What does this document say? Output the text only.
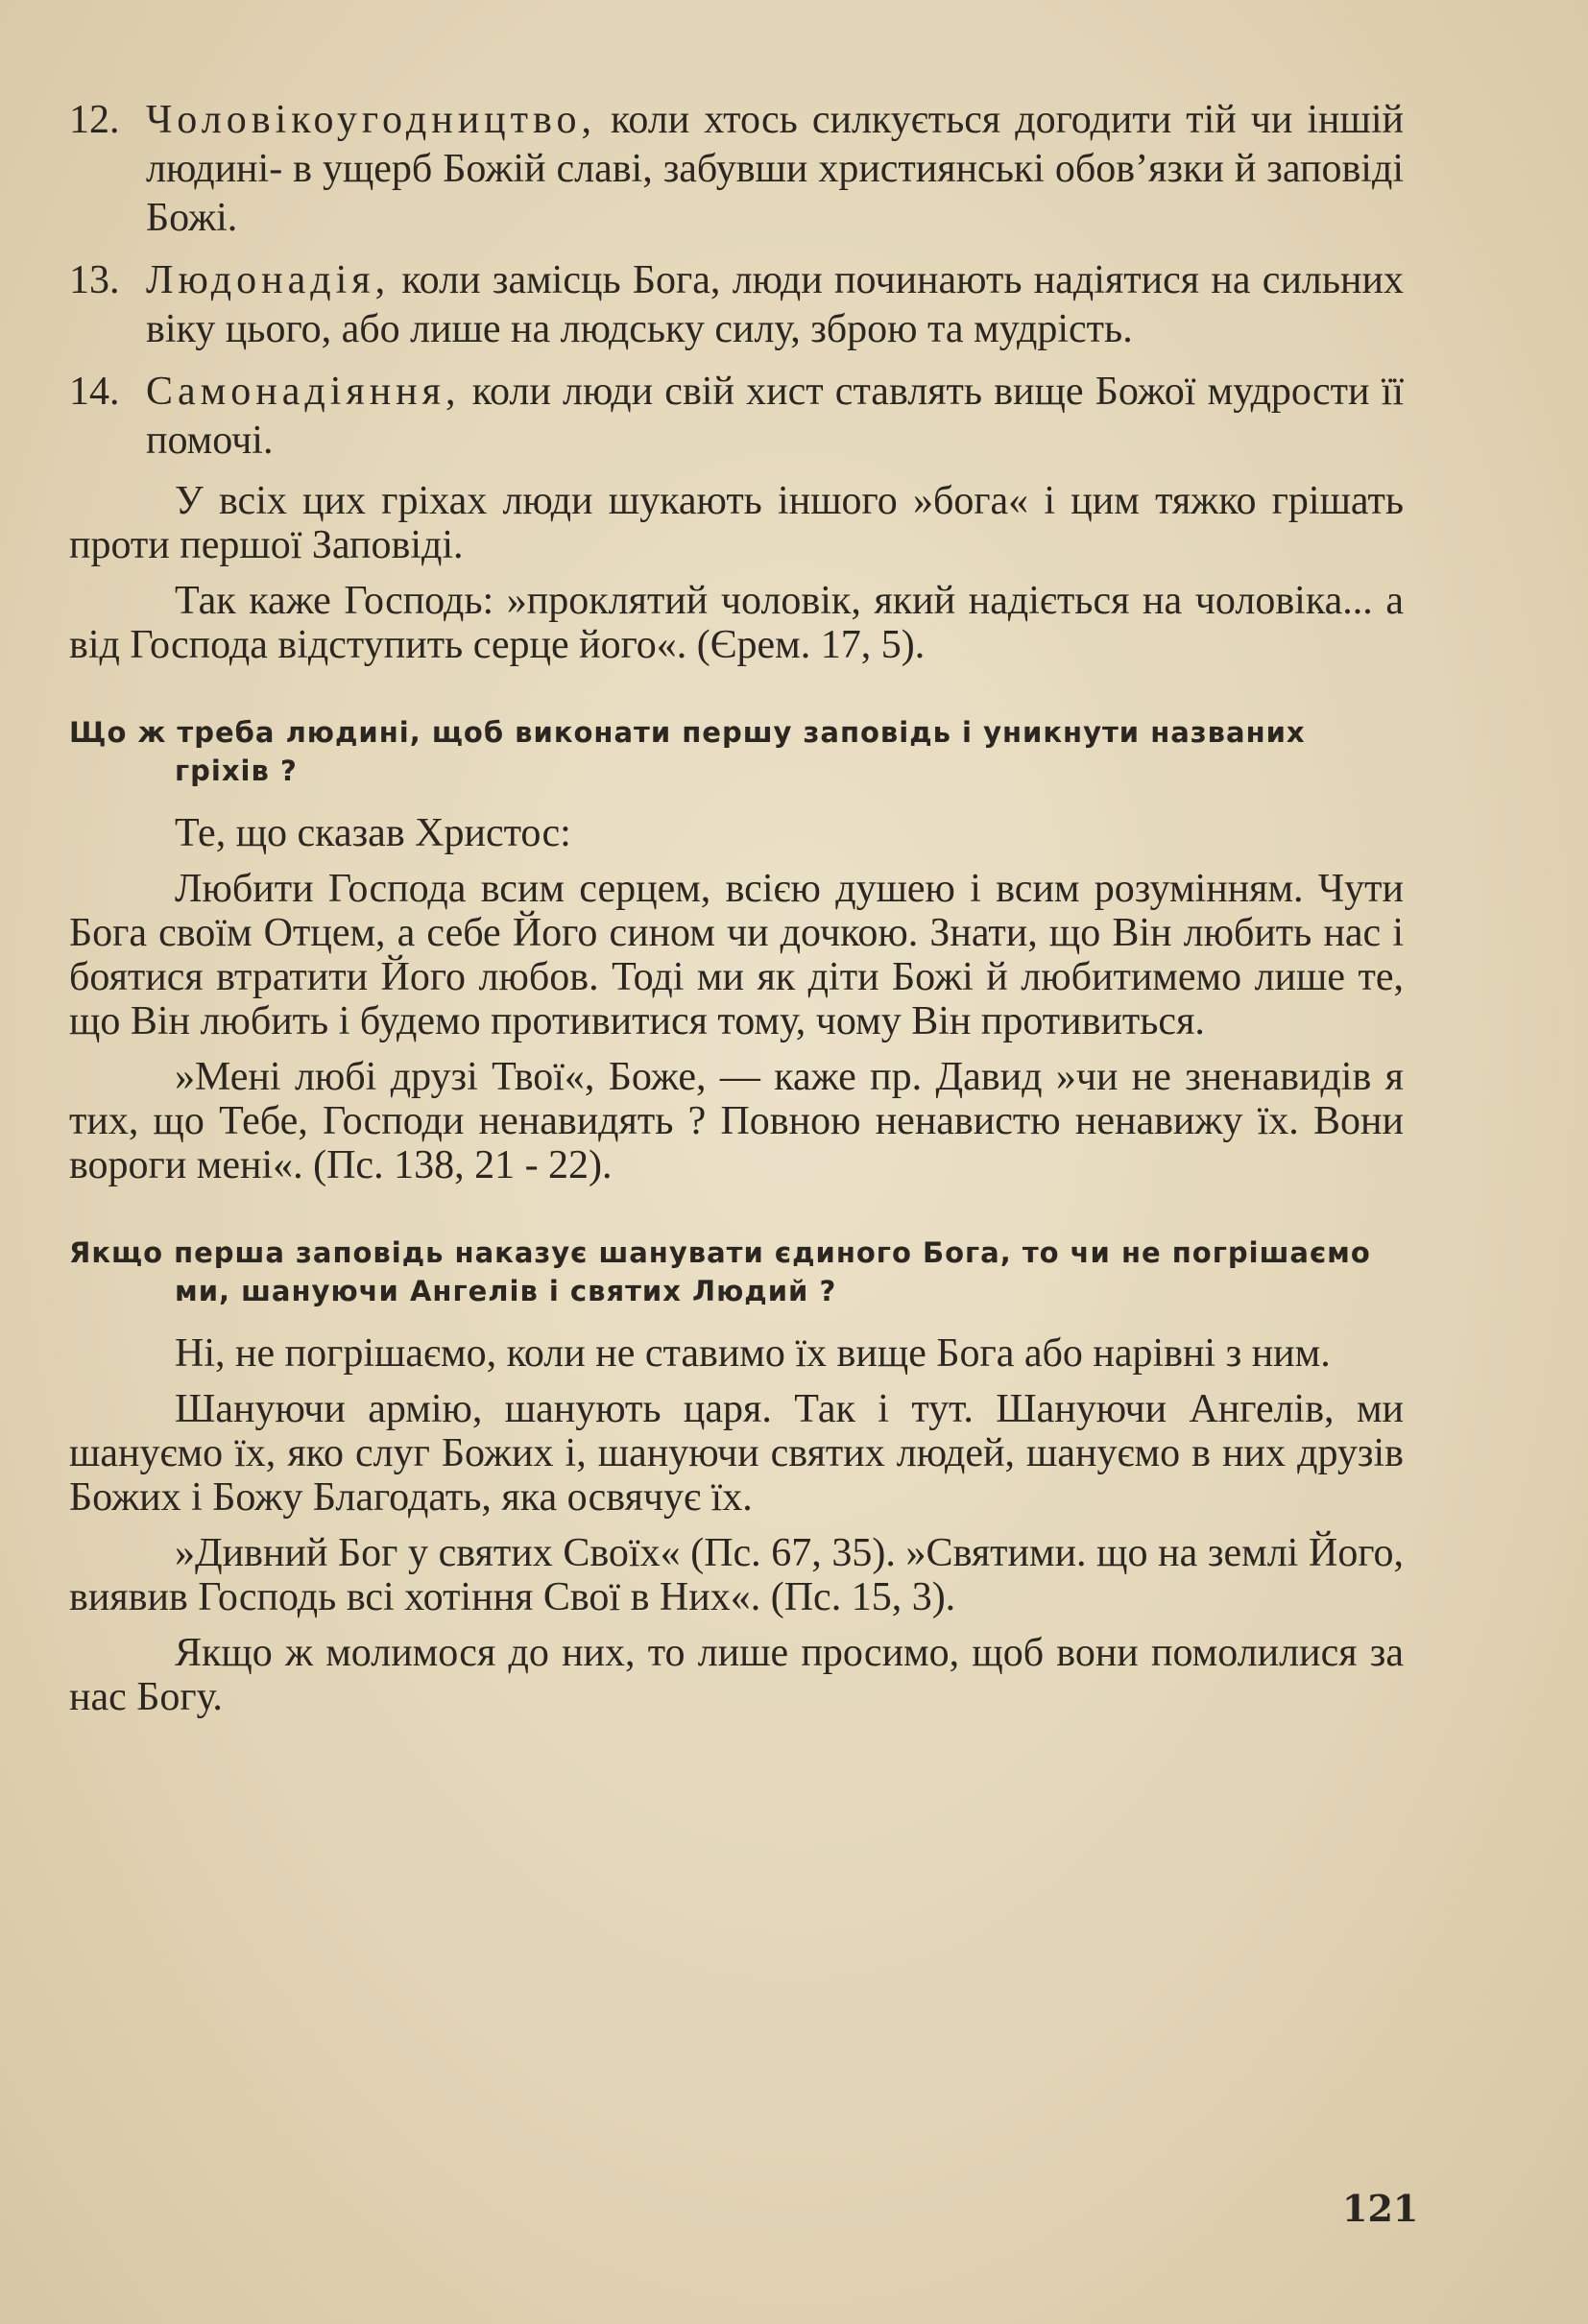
12. Чоловікоугодництво, коли хтось силкується догодити тій чи іншій людині- в ущерб Божій славі, забувши християнські обов’язки й заповіді Божі.
13. Людонадія, коли замісць Бога, люди починають надіятися на сильних віку цього, або лише на людську силу, зброю та мудрість.
14. Самонадіяння, коли люди свій хист ставлять вище Божої мудрости її помочі.

У всіх цих гріхах люди шукають іншого »бога« і цим тяжко грішать проти першої Заповіді.

Так каже Господь: »проклятий чоловік, який надіється на чоловіка... а від Господа відступить серце його«. (Єрем. 17, 5).

Що ж треба людині, щоб виконати першу заповідь і уникнути названих гріхів ?

Те, що сказав Христос:

Любити Господа всим серцем, всією душею і всим розумінням. Чути Бога своїм Отцем, а себе Його сином чи дочкою. Знати, що Він любить нас і боятися втратити Його любов. Тоді ми як діти Божі й любитимемо лише те, що Він любить і будемо противитися тому, чому Він противиться.

»Мені любі друзі Твої«, Боже, — каже пр. Давид »чи не зненавидів я тих, що Тебе, Господи ненавидять ? Повною ненавистю ненавижу їх. Вони вороги мені«. (Пс. 138, 21 - 22).

Якщо перша заповідь наказує шанувати єдиного Бога, то чи не погрішаємо ми, шануючи Ангелів і святих Людий ?

Ні, не погрішаємо, коли не ставимо їх вище Бога або нарівні з ним.

Шануючи армію, шанують царя. Так і тут. Шануючи Ангелів, ми шануємо їх, яко слуг Божих і, шануючи святих людей, шануємо в них друзів Божих і Божу Благодать, яка освячує їх.

»Дивний Бог у святих Своїх« (Пс. 67, 35). »Святими. що на землі Його, виявив Господь всі хотіння Свої в Них«. (Пс. 15, 3).

Якщо ж молимося до них, то лише просимо, щоб вони помолилися за нас Богу.

121
